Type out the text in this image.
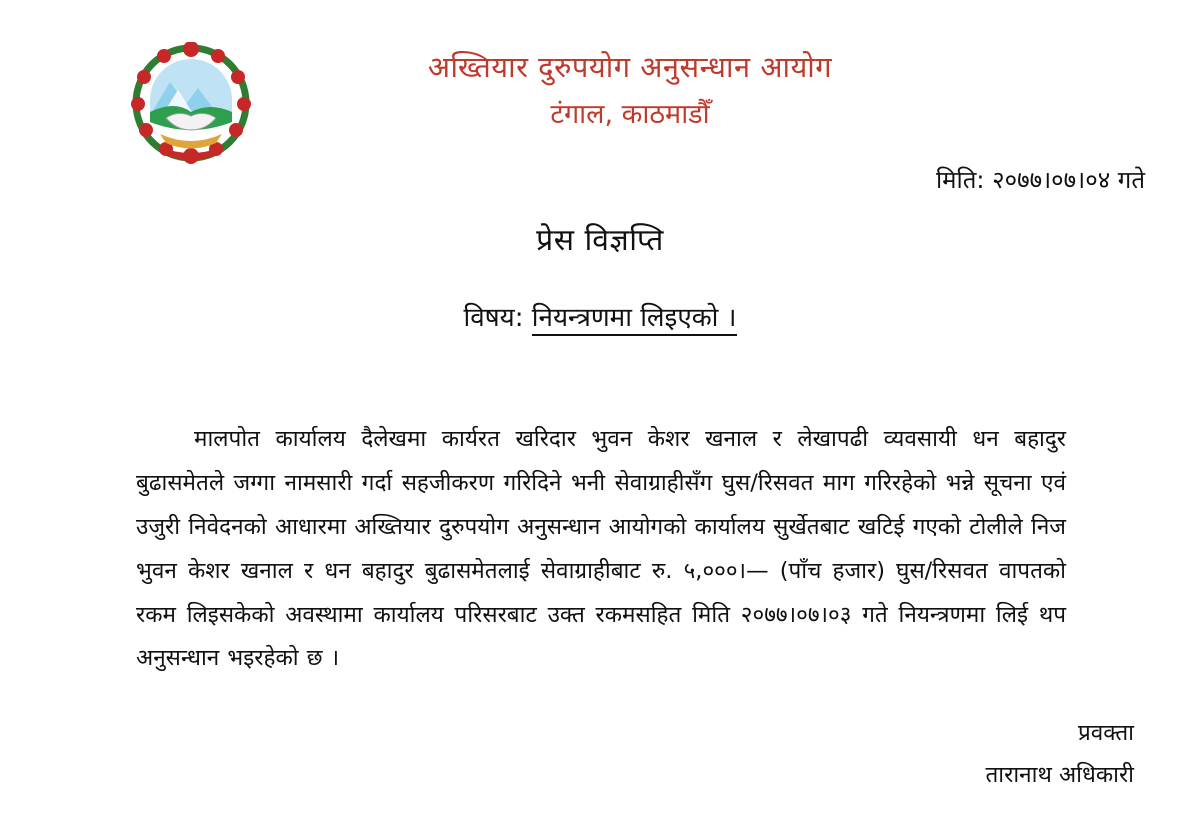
अख्तियार दुरुपयोग अनुसन्धान आयोग
टंगाल, काठमाडौँ
मिति: २०७७।०७।०४ गते
प्रेस विज्ञप्ति
विषय: नियन्त्रणमा लिइएको ।
मालपोत कार्यालय दैलेखमा कार्यरत खरिदार भुवन केशर खनाल र लेखापढी व्यवसायी धन बहादुर बुढासमेतले जग्गा नामसारी गर्दा सहजीकरण गरिदिने भनी सेवाग्राहीसँग घुस/रिसवत माग गरिरहेको भन्ने सूचना एवं उजुरी निवेदनको आधारमा अख्तियार दुरुपयोग अनुसन्धान आयोगको कार्यालय सुर्खेतबाट खटिई गएको टोलीले निज भुवन केशर खनाल र धन बहादुर बुढासमेतलाई सेवाग्राहीबाट रु. ५,०००।— (पाँच हजार) घुस/रिसवत वापतको रकम लिइसकेको अवस्थामा कार्यालय परिसरबाट उक्त रकमसहित मिति २०७७।०७।०३ गते नियन्त्रणमा लिई थप अनुसन्धान भइरहेको छ ।
प्रवक्ता
तारानाथ अधिकारी
